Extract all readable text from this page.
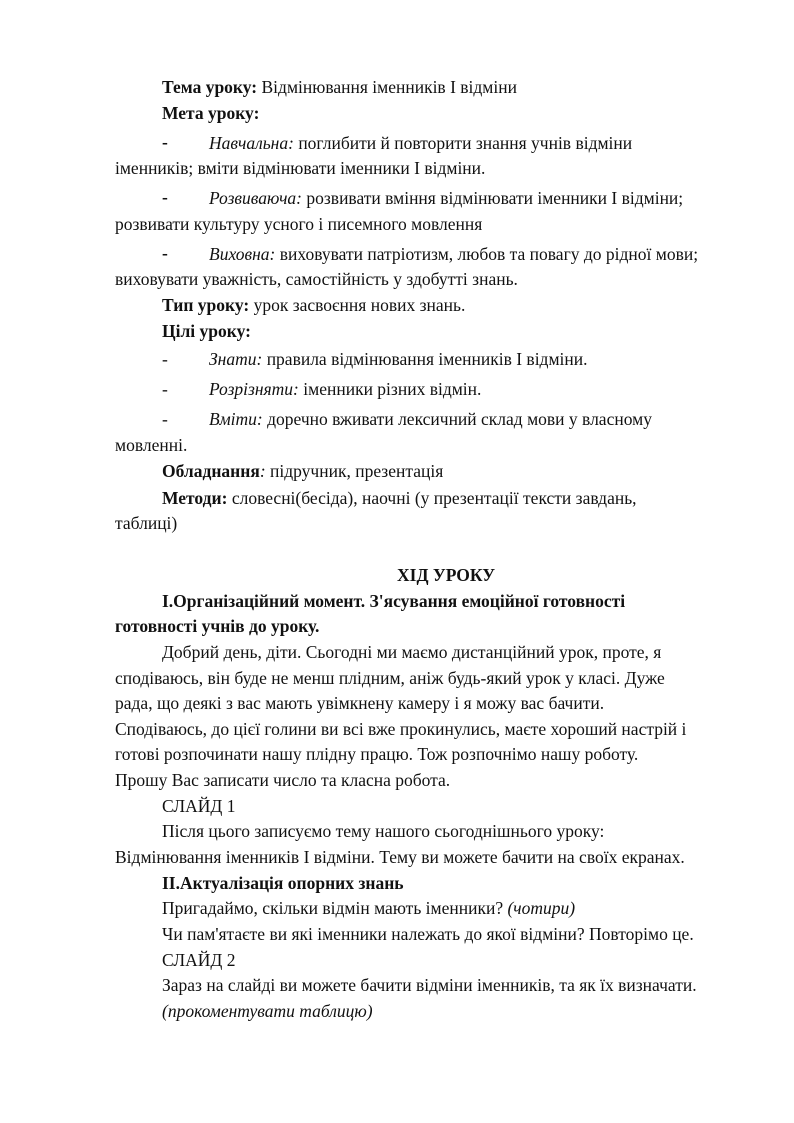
Тема уроку: Відмінювання іменників І відміни
Мета уроку:
- Навчальна: поглибити й повторити знання учнів відміни
іменників; вміти відмінювати іменники І відміни.
- Розвиваюча: розвивати вміння відмінювати іменники І відміни;
розвивати культуру усного і писемного мовлення
- Виховна: виховувати патріотизм, любов та повагу до рідної мови;
виховувати уважність, самостійність у здобутті знань.
Тип уроку: урок засвоєння нових знань.
Цілі уроку:
- Знати: правила відмінювання іменників І відміни.
- Розрізняти: іменники різних відмін.
- Вміти: доречно вживати лексичний склад мови у власному
мовленні.
Обладнання: підручник, презентація
Методи: словесні(бесіда), наочні (у презентації тексти завдань,
таблиці)
ХІД УРОКУ
І.Організаційний момент. З'ясування емоційної готовності
готовності учнів до уроку.
Добрий день, діти. Сьогодні ми маємо дистанційний урок, проте, я
сподіваюсь, він буде не менш плідним, аніж будь-який урок у класі. Дуже
рада, що деякі з вас мають увімкнену камеру і я можу вас бачити.
Сподіваюсь, до цієї голини ви всі вже прокинулись, маєте хороший настрій і
готові розпочинати нашу плідну працю. Тож розпочнімо нашу роботу.
Прошу Вас записати число та класна робота.
СЛАЙД 1
Після цього записуємо тему нашого сьогоднішнього уроку:
Відмінювання іменників І відміни. Тему ви можете бачити на своїх екранах.
ІІ.Актуалізація опорних знань
Пригадаймо, скільки відмін мають іменники? (чотири)
Чи пам'ятаєте ви які іменники належать до якої відміни? Повторімо це.
СЛАЙД 2
Зараз на слайді ви можете бачити відміни іменників, та як їх визначати.
(прокоментувати таблицю)
